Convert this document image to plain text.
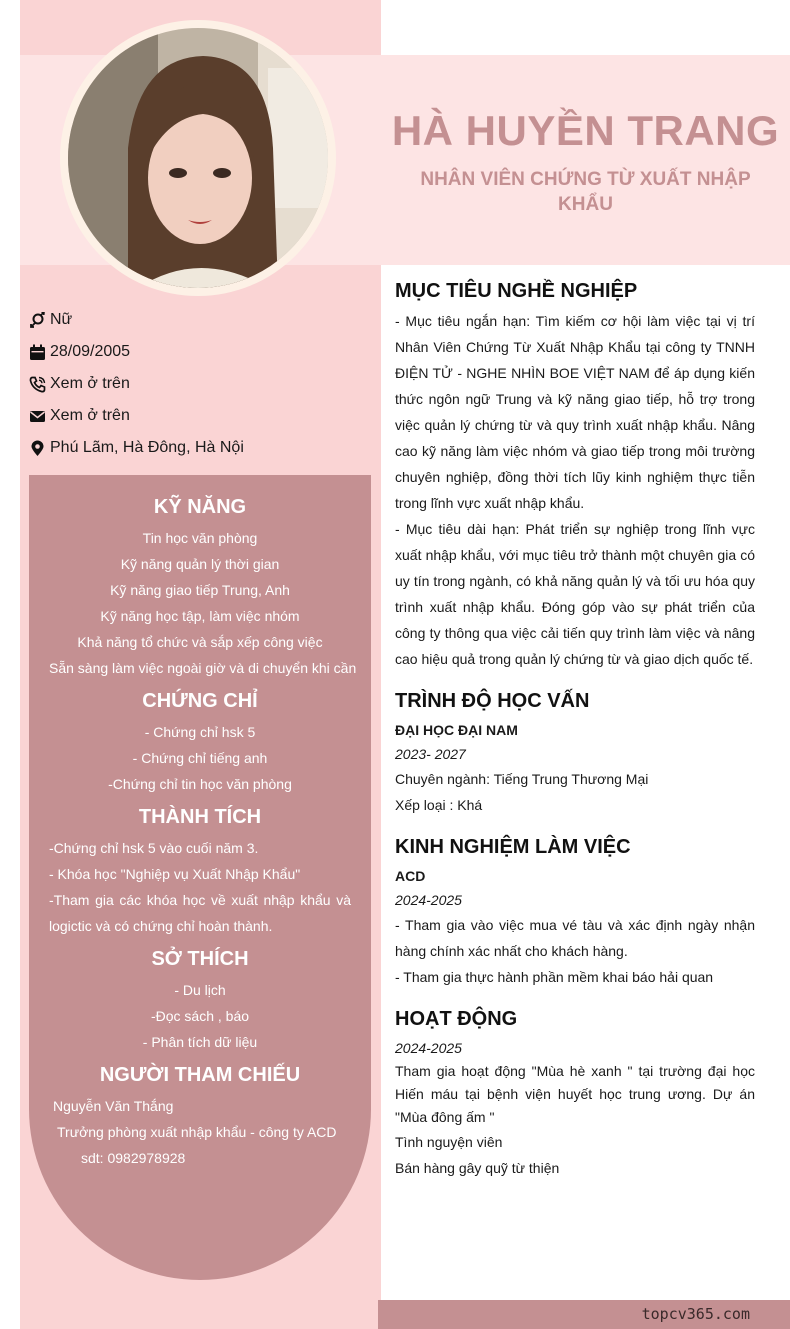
HÀ HUYỀN TRANG
NHÂN VIÊN CHỨNG TỪ XUẤT NHẬP KHẨU
Nữ
28/09/2005
Xem ở trên
Xem ở trên
Phú Lãm, Hà Đông, Hà Nội
KỸ NĂNG
Tin học văn phòng
Kỹ năng quản lý thời gian
Kỹ năng giao tiếp Trung, Anh
Kỹ năng học tập, làm việc nhóm
Khả năng tổ chức và sắp xếp công việc
Sẵn sàng làm việc ngoài giờ và di chuyển khi cần
CHỨNG CHỈ
- Chứng chỉ hsk 5
- Chứng chỉ tiếng anh
-Chứng chỉ tin học văn phòng
THÀNH TÍCH
-Chứng chỉ hsk 5 vào cuối năm 3.
- Khóa học "Nghiệp vụ Xuất Nhập Khẩu"
-Tham gia các khóa học về xuất nhập khẩu và logictic và có chứng chỉ hoàn thành.
SỞ THÍCH
- Du lịch
-Đọc sách , báo
- Phân tích dữ liệu
NGƯỜI THAM CHIẾU
Nguyễn Văn Thắng
Trưởng phòng xuất nhập khẩu - công ty ACD
sdt: 0982978928
MỤC TIÊU NGHỀ NGHIỆP
- Mục tiêu ngắn hạn: Tìm kiếm cơ hội làm việc tại vị trí Nhân Viên Chứng Từ Xuất Nhập Khẩu tại công ty TNNH ĐIỆN TỬ - NGHE NHÌN BOE VIỆT NAM để áp dụng kiến thức ngôn ngữ Trung và kỹ năng giao tiếp, hỗ trợ trong việc quản lý chứng từ và quy trình xuất nhập khẩu. Nâng cao kỹ năng làm việc nhóm và giao tiếp trong môi trường chuyên nghiệp, đồng thời tích lũy kinh nghiệm thực tiễn trong lĩnh vực xuất nhập khẩu.
- Mục tiêu dài hạn: Phát triển sự nghiệp trong lĩnh vực xuất nhập khẩu, với mục tiêu trở thành một chuyên gia có uy tín trong ngành, có khả năng quản lý và tối ưu hóa quy trình xuất nhập khẩu. Đóng góp vào sự phát triển của công ty thông qua việc cải tiến quy trình làm việc và nâng cao hiệu quả trong quản lý chứng từ và giao dịch quốc tế.
TRÌNH ĐỘ HỌC VẤN
ĐẠI HỌC ĐẠI NAM
2023- 2027
Chuyên ngành: Tiếng Trung Thương Mại
Xếp loại : Khá
KINH NGHIỆM LÀM VIỆC
ACD
2024-2025
- Tham gia vào việc mua vé tàu và xác định ngày nhận hàng chính xác nhất cho khách hàng.
- Tham gia thực hành phần mềm khai báo hải quan
HOẠT ĐỘNG
2024-2025
Tham gia hoạt động "Mùa hè xanh " tại trường đại học Hiến máu tại bệnh viện huyết học trung ương. Dự án "Mùa đông ấm "
Tình nguyện viên
Bán hàng gây quỹ từ thiện
topcv365.com
